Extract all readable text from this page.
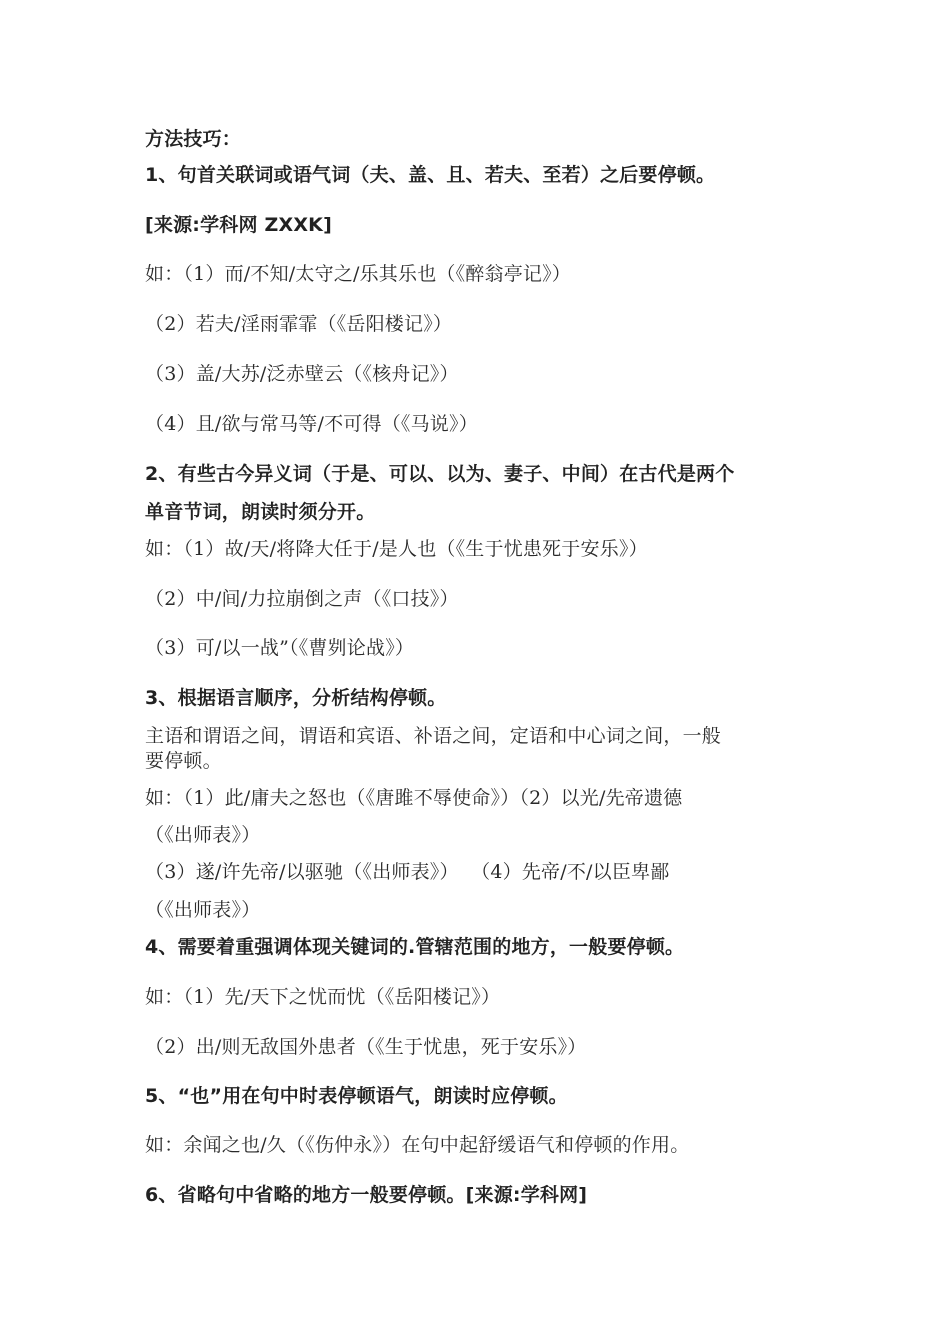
方法技巧：
1、句首关联词或语气词（夫、盖、且、若夫、至若）之后要停顿。
[来源:学科网 ZXXK]
如：（1）而/不知/太守之/乐其乐也（《醉翁亭记》）
（2）若夫/淫雨霏霏（《岳阳楼记》）
（3）盖/大苏/泛赤壁云（《核舟记》）
（4）且/欲与常马等/不可得（《马说》）
2、有些古今异义词（于是、可以、以为、妻子、中间）在古代是两个
单音节词，朗读时须分开。
如：（1）故/天/将降大任于/是人也（《生于忧患死于安乐》）
（2）中/间/力拉崩倒之声（《口技》）
（3）可/以一战”（《曹刿论战》）
3、根据语言顺序，分析结构停顿。
主语和谓语之间，谓语和宾语、补语之间，定语和中心词之间，一般
要停顿。
如：（1）此/庸夫之怒也（《唐雎不辱使命》）（2）以光/先帝遗德
（《出师表》）
（3）遂/许先帝/以驱驰（《出师表》）  （4）先帝/不/以臣卑鄙
（《出师表》）
4、需要着重强调体现关键词的.管辖范围的地方，一般要停顿。
如：（1）先/天下之忧而忧（《岳阳楼记》）
（2）出/则无敌国外患者（《生于忧患，死于安乐》）
5、“也”用在句中时表停顿语气，朗读时应停顿。
如：余闻之也/久（《伤仲永》）在句中起舒缓语气和停顿的作用。
6、省略句中省略的地方一般要停顿。[来源:学科网]
